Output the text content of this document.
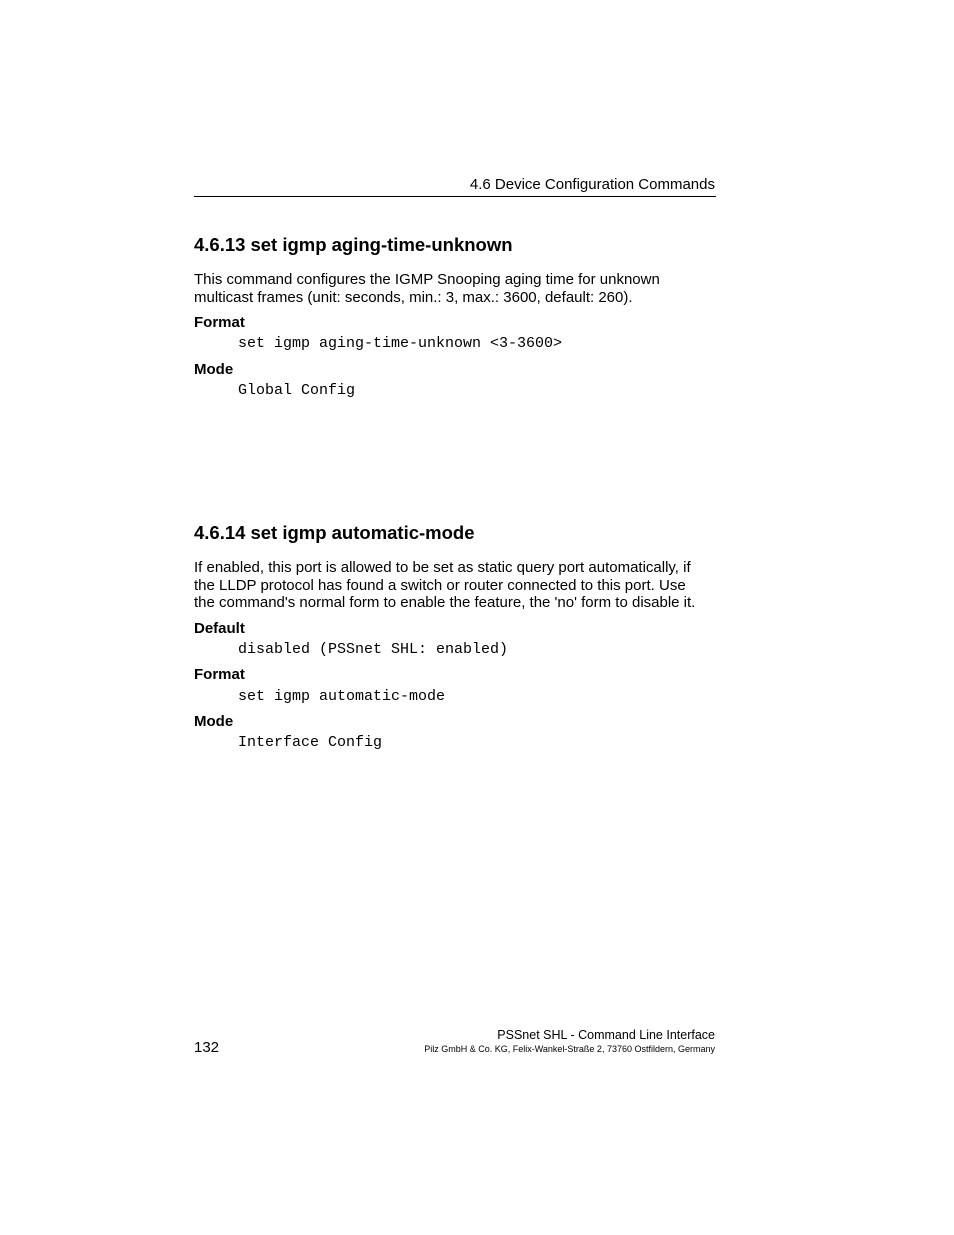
4.6 Device Configuration Commands
4.6.13 set igmp aging-time-unknown
This command configures the IGMP Snooping aging time for unknown
multicast frames (unit: seconds, min.: 3, max.: 3600, default: 260).
Format
set igmp aging-time-unknown <3-3600>
Mode
Global Config
4.6.14 set igmp automatic-mode
If enabled, this port is allowed to be set as static query port automatically, if
the LLDP protocol has found a switch or router connected to this port. Use
the command's normal form to enable the feature, the 'no' form to disable it.
Default
disabled (PSSnet SHL: enabled)
Format
set igmp automatic-mode
Mode
Interface Config
132
PSSnet SHL - Command Line Interface
Pilz GmbH & Co. KG, Felix-Wankel-Straße 2, 73760 Ostfildern, Germany
